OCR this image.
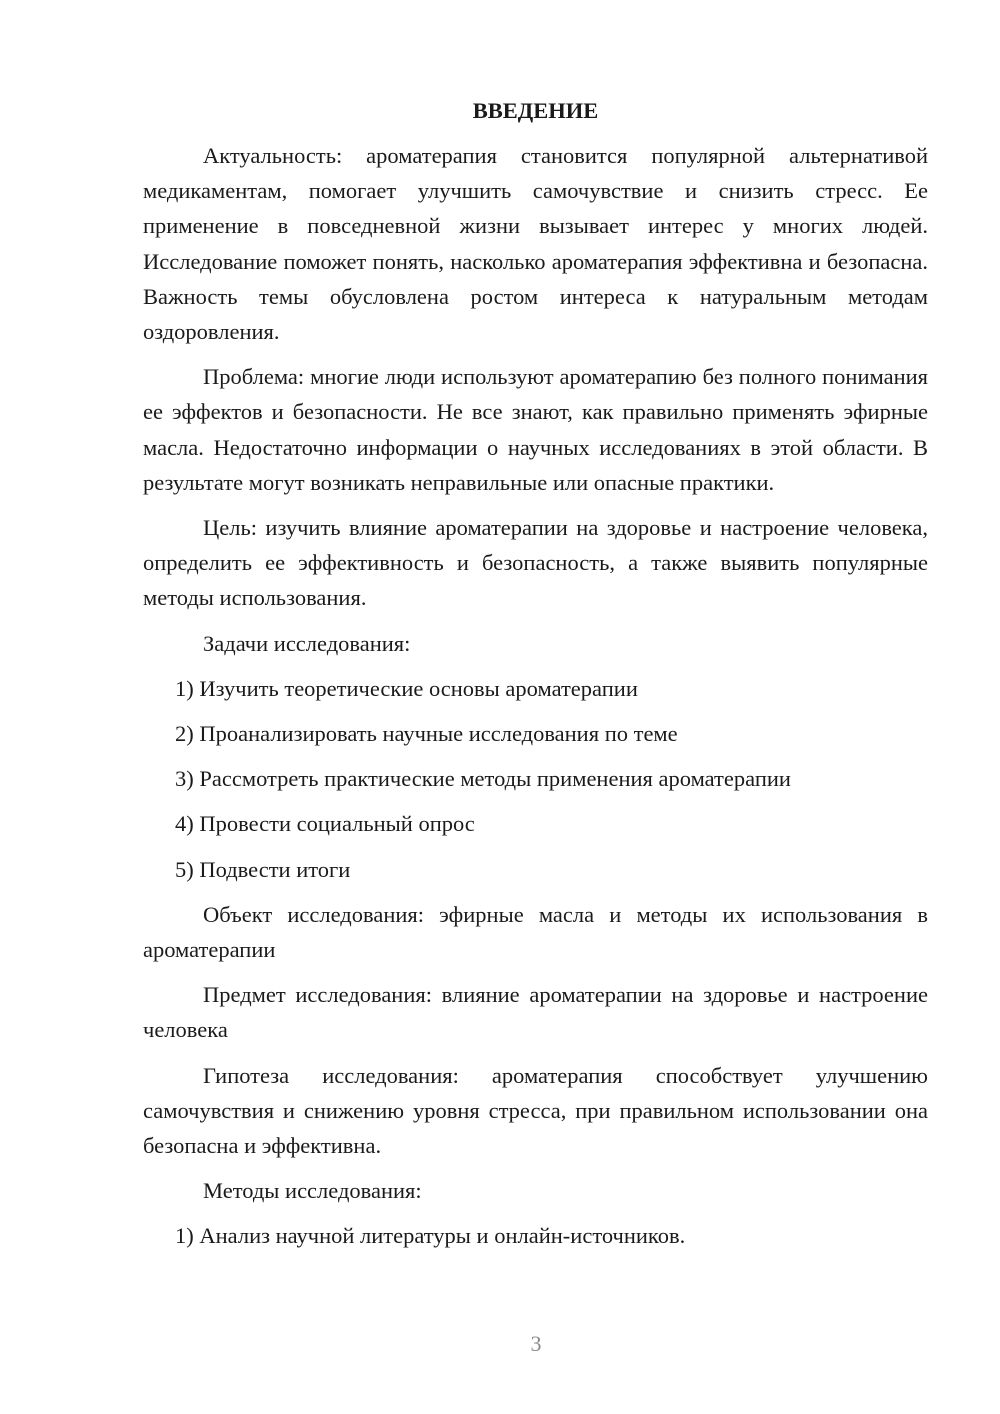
ВВЕДЕНИЕ

Актуальность: ароматерапия становится популярной альтернативой медикаментам, помогает улучшить самочувствие и снизить стресс. Ее применение в повседневной жизни вызывает интерес у многих людей. Исследование поможет понять, насколько ароматерапия эффективна и безопасна. Важность темы обусловлена ростом интереса к натуральным методам оздоровления.

Проблема: многие люди используют ароматерапию без полного понимания ее эффектов и безопасности. Не все знают, как правильно применять эфирные масла. Недостаточно информации о научных исследованиях в этой области. В результате могут возникать неправильные или опасные практики.

Цель: изучить влияние ароматерапии на здоровье и настроение человека, определить ее эффективность и безопасность, а также выявить популярные методы использования.

Задачи исследования:

1) Изучить теоретические основы ароматерапии

2) Проанализировать научные исследования по теме

3) Рассмотреть практические методы применения ароматерапии

4) Провести социальный опрос

5) Подвести итоги

Объект исследования: эфирные масла и методы их использования в ароматерапии

Предмет исследования: влияние ароматерапии на здоровье и настроение человека

Гипотеза исследования: ароматерапия способствует улучшению самочувствия и снижению уровня стресса, при правильном использовании она безопасна и эффективна.

Методы исследования:

1) Анализ научной литературы и онлайн-источников.

3
